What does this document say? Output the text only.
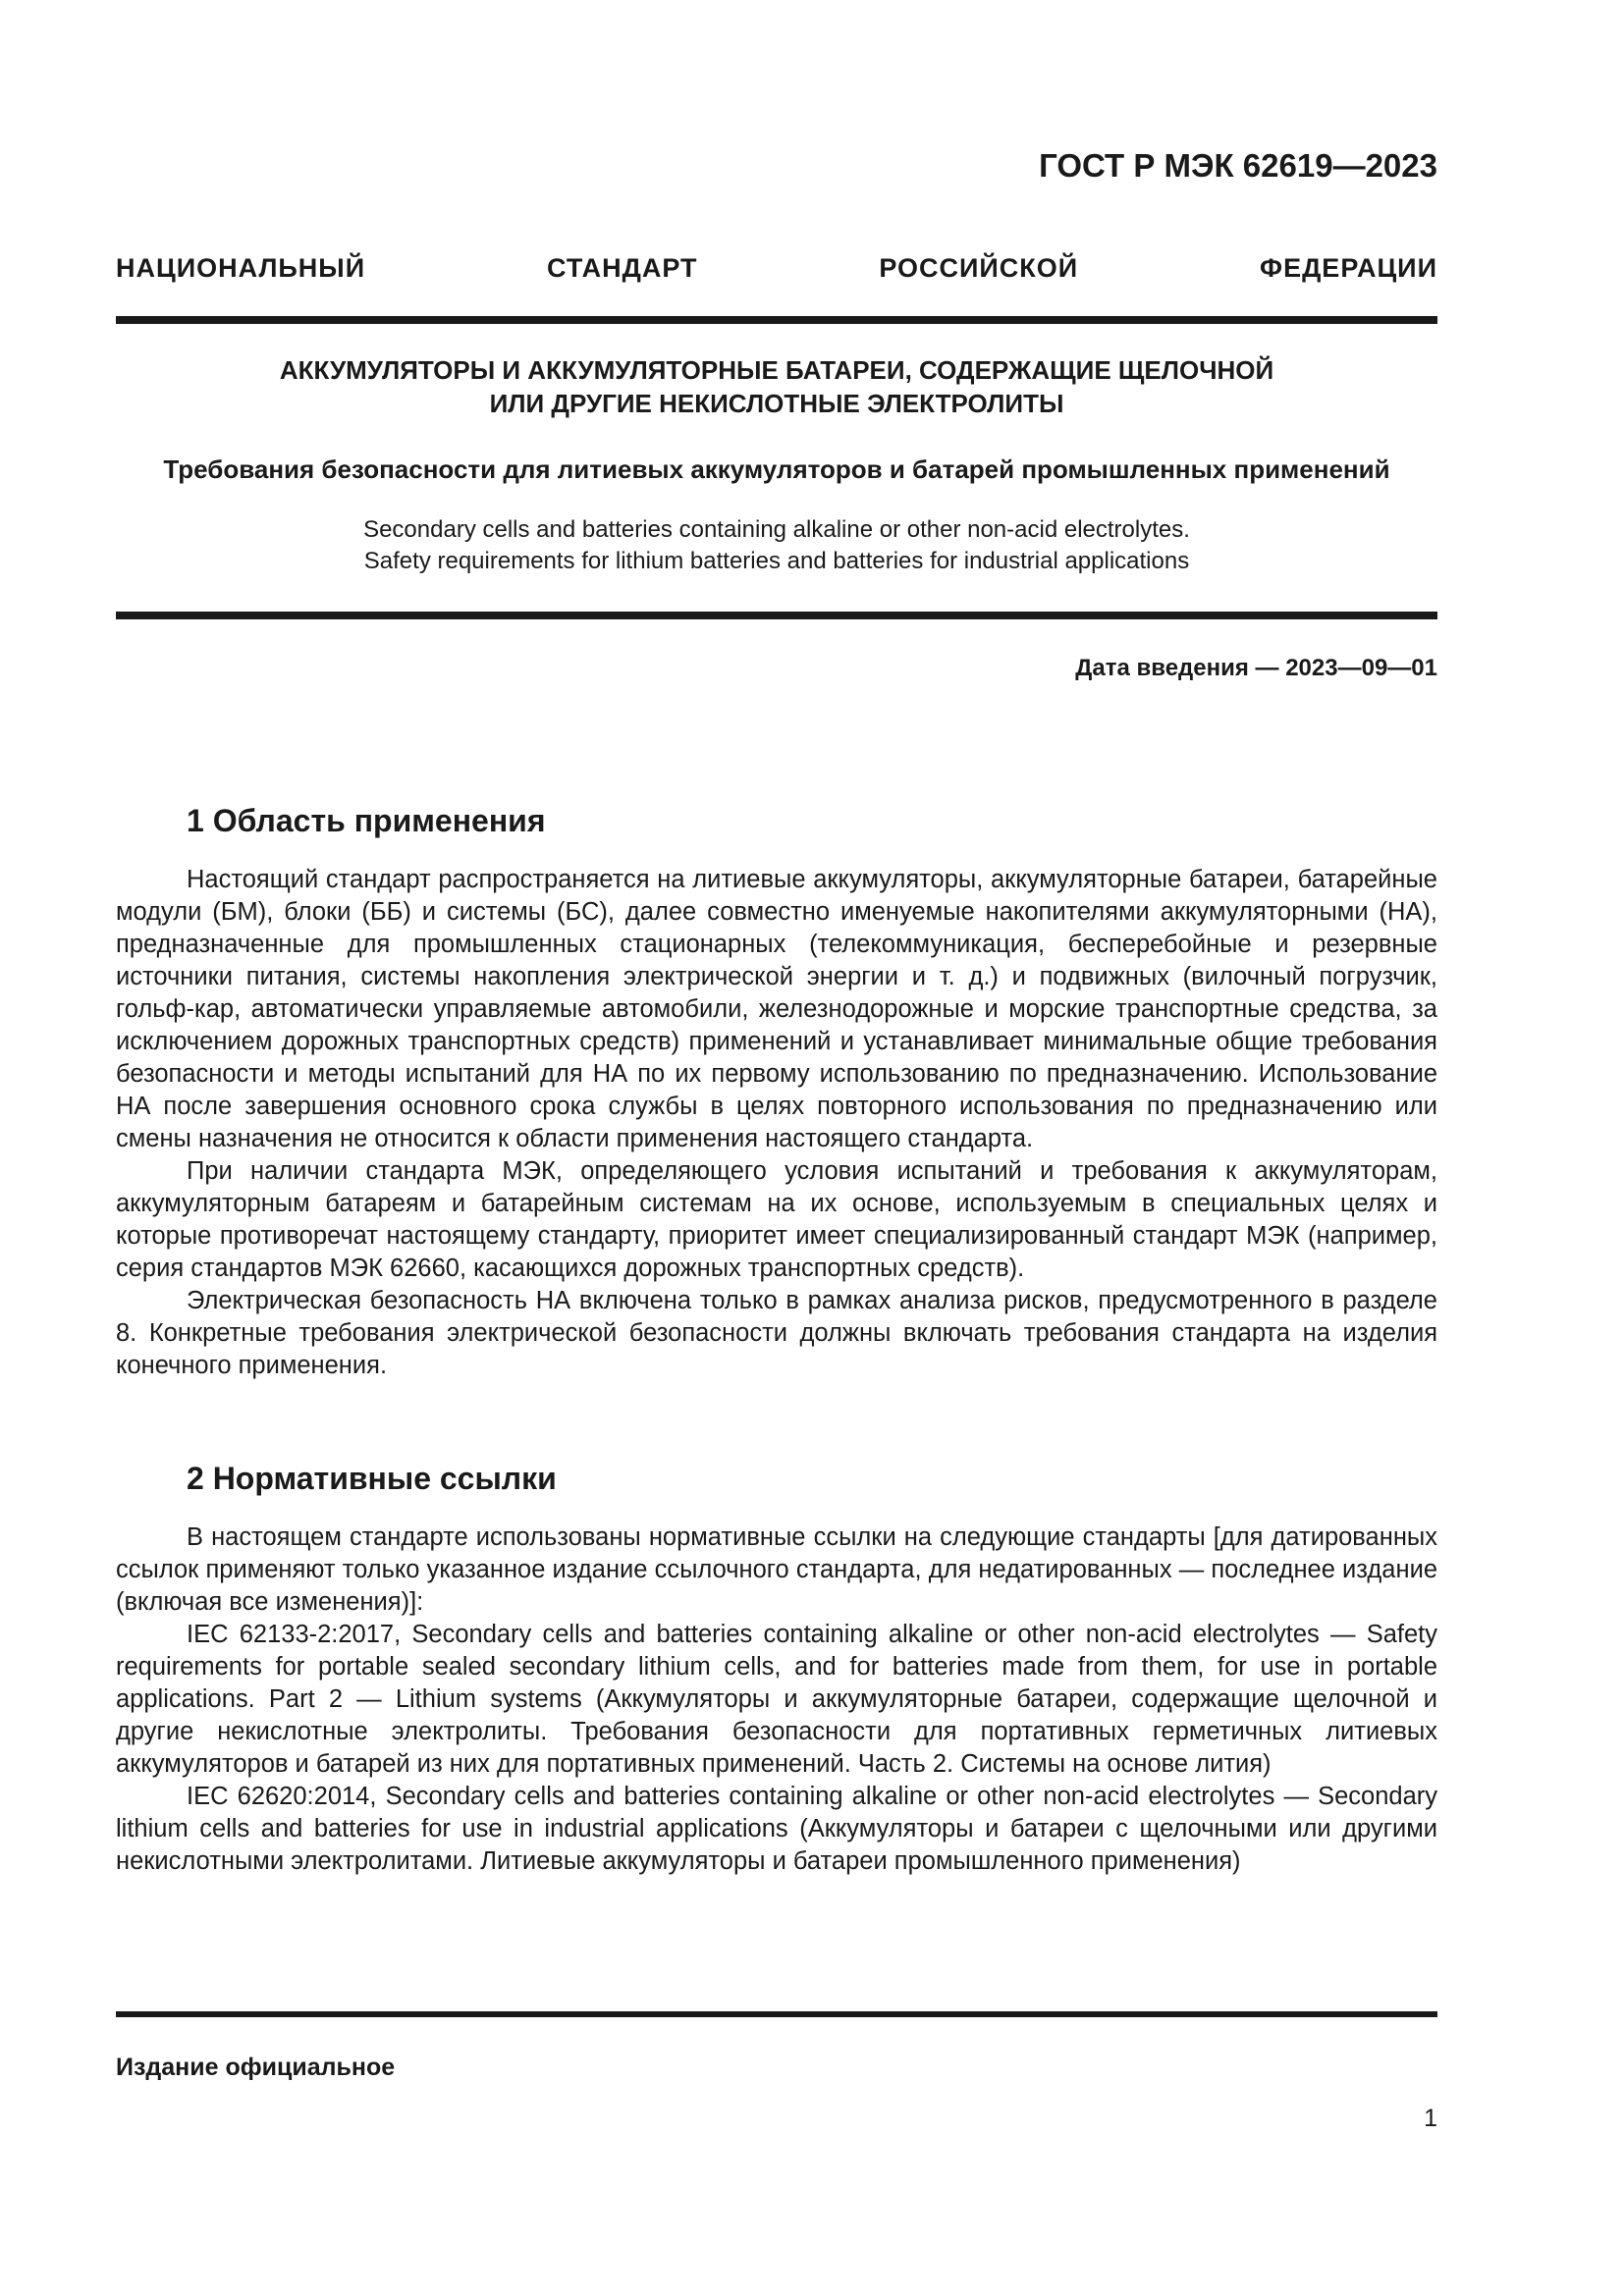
ГОСТ Р МЭК 62619—2023
НАЦИОНАЛЬНЫЙ СТАНДАРТ РОССИЙСКОЙ ФЕДЕРАЦИИ
АККУМУЛЯТОРЫ И АККУМУЛЯТОРНЫЕ БАТАРЕИ, СОДЕРЖАЩИЕ ЩЕЛОЧНОЙ
ИЛИ ДРУГИЕ НЕКИСЛОТНЫЕ ЭЛЕКТРОЛИТЫ
Требования безопасности для литиевых аккумуляторов и батарей промышленных применений
Secondary cells and batteries containing alkaline or other non-acid electrolytes.
Safety requirements for lithium batteries and batteries for industrial applications
Дата введения — 2023—09—01
1 Область применения

Настоящий стандарт распространяется на литиевые аккумуляторы, аккумуляторные батареи, батарейные модули (БМ), блоки (ББ) и системы (БС), далее совместно именуемые накопителями аккумуляторными (НА), предназначенные для промышленных стационарных (телекоммуникация, бесперебойные и резервные источники питания, системы накопления электрической энергии и т. д.) и подвижных (вилочный погрузчик, гольф-кар, автоматически управляемые автомобили, железнодорожные и морские транспортные средства, за исключением дорожных транспортных средств) применений и устанавливает минимальные общие требования безопасности и методы испытаний для НА по их первому использованию по предназначению. Использование НА после завершения основного срока службы в целях повторного использования по предназначению или смены назначения не относится к области применения настоящего стандарта.

При наличии стандарта МЭК, определяющего условия испытаний и требования к аккумуляторам, аккумуляторным батареям и батарейным системам на их основе, используемым в специальных целях и которые противоречат настоящему стандарту, приоритет имеет специализированный стандарт МЭК (например, серия стандартов МЭК 62660, касающихся дорожных транспортных средств).

Электрическая безопасность НА включена только в рамках анализа рисков, предусмотренного в разделе 8. Конкретные требования электрической безопасности должны включать требования стандарта на изделия конечного применения.

2 Нормативные ссылки

В настоящем стандарте использованы нормативные ссылки на следующие стандарты [для датированных ссылок применяют только указанное издание ссылочного стандарта, для недатированных — последнее издание (включая все изменения)]:

IEC 62133-2:2017, Secondary cells and batteries containing alkaline or other non-acid electrolytes — Safety requirements for portable sealed secondary lithium cells, and for batteries made from them, for use in portable applications. Part 2 — Lithium systems (Аккумуляторы и аккумуляторные батареи, содержащие щелочной и другие некислотные электролиты. Требования безопасности для портативных герметичных литиевых аккумуляторов и батарей из них для портативных применений. Часть 2. Системы на основе лития)

IEC 62620:2014, Secondary cells and batteries containing alkaline or other non-acid electrolytes — Secondary lithium cells and batteries for use in industrial applications (Аккумуляторы и батареи с щелочными или другими некислотными электролитами. Литиевые аккумуляторы и батареи промышленного применения)

Издание официальное
1
